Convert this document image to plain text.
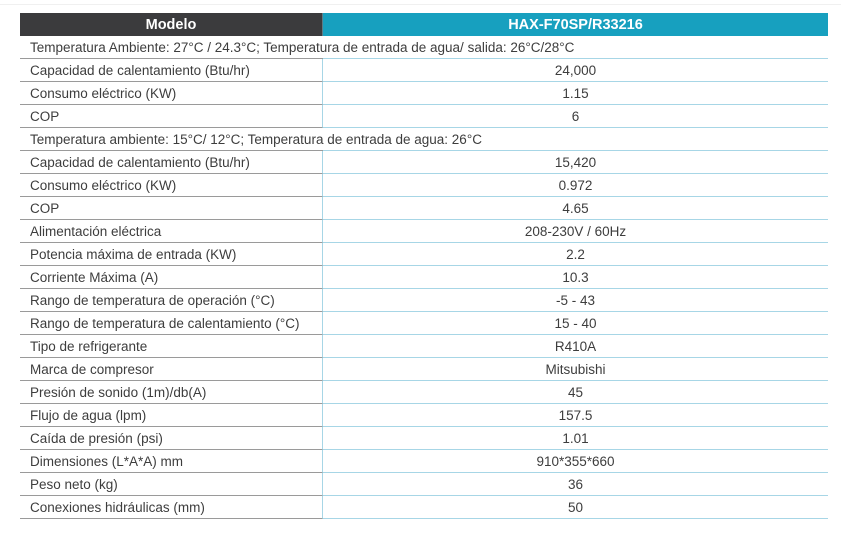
Modelo	HAX-F70SP/R33216
Temperatura Ambiente: 27°C / 24.3°C; Temperatura de entrada de agua/ salida: 26°C/28°C
Capacidad de calentamiento (Btu/hr)	24,000
Consumo eléctrico (KW)	1.15
COP	6
Temperatura ambiente: 15°C/ 12°C; Temperatura de entrada de agua: 26°C
Capacidad de calentamiento (Btu/hr)	15,420
Consumo eléctrico (KW)	0.972
COP	4.65
Alimentación eléctrica	208-230V / 60Hz
Potencia máxima de entrada (KW)	2.2
Corriente Máxima (A)	10.3
Rango de temperatura de operación (°C)	-5 - 43
Rango de temperatura de calentamiento (°C)	15 - 40
Tipo de refrigerante	R410A
Marca de compresor	Mitsubishi
Presión de sonido (1m)/db(A)	45
Flujo de agua (lpm)	157.5
Caída de presión (psi)	1.01
Dimensiones (L*A*A) mm	910*355*660
Peso neto (kg)	36
Conexiones hidráulicas (mm)	50
